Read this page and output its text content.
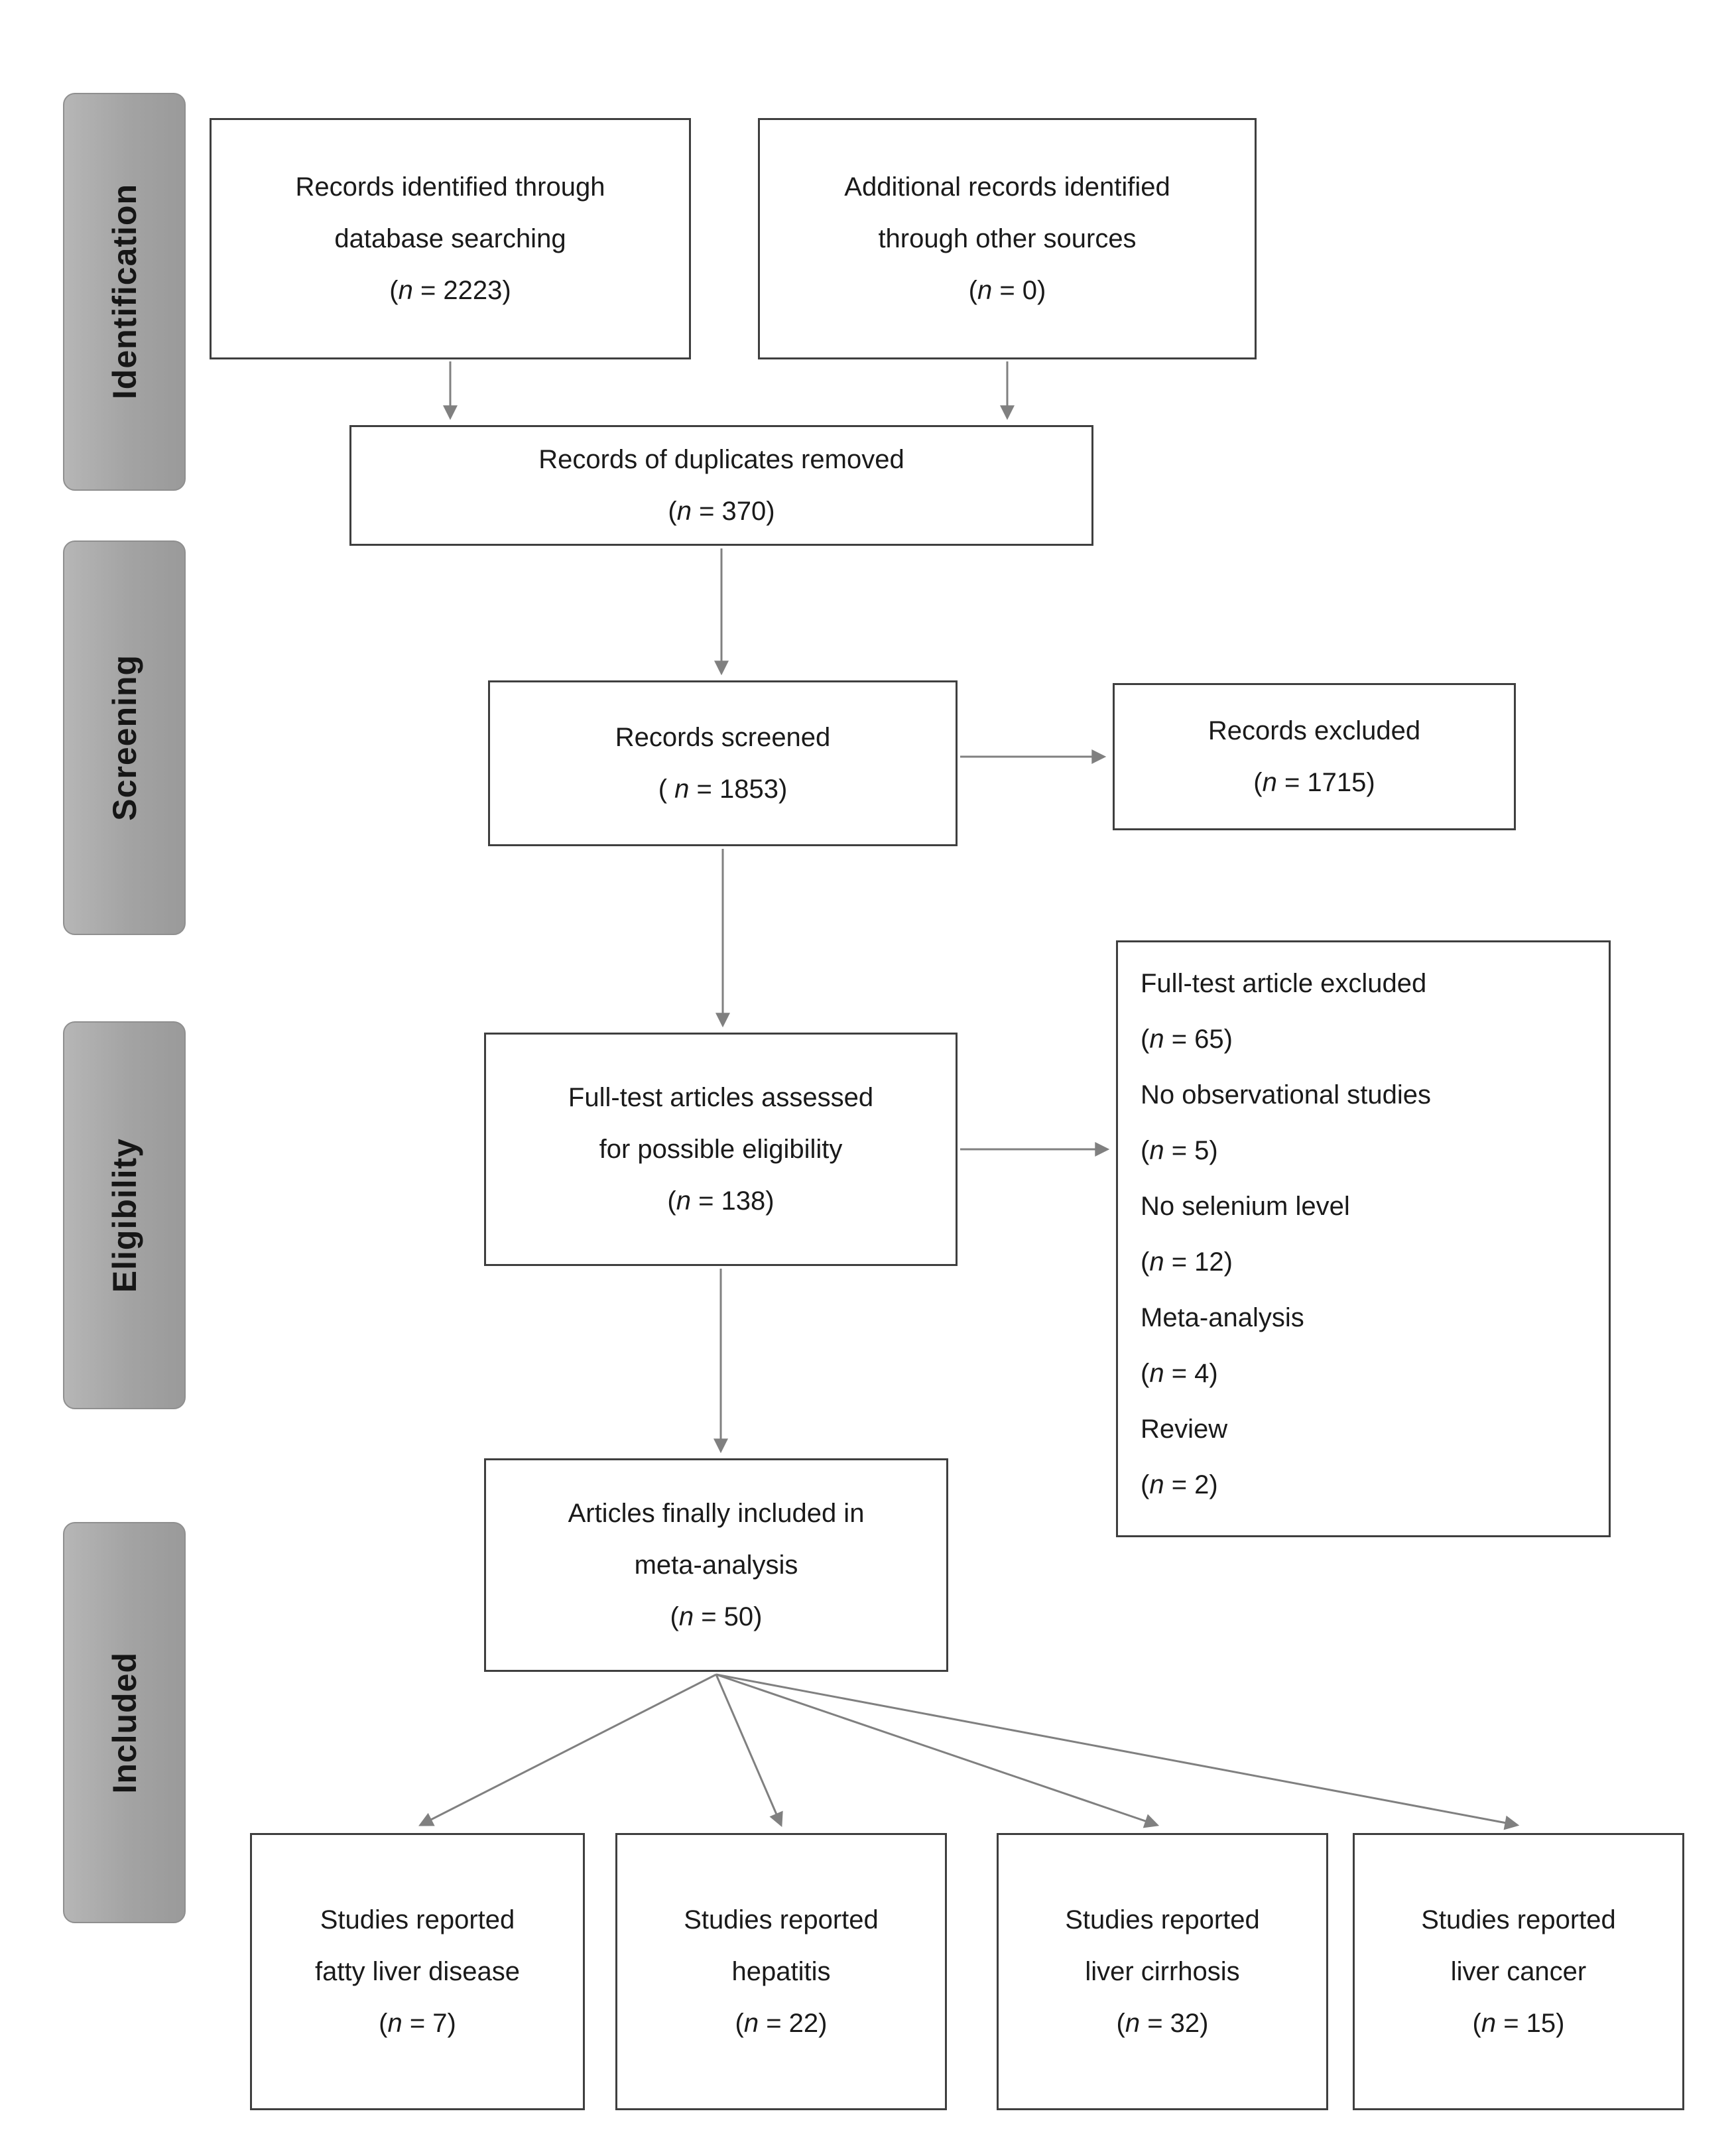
Identification
Screening
Eligibility
Included
Records identified through
database searching
(n = 2223)
Additional records identified
through other sources
(n = 0)
Records of duplicates removed
(n = 370)
Records screened
( n = 1853)
Records excluded
(n = 1715)
Full-test articles assessed
for possible eligibility
(n = 138)
Full-test article excluded
(n = 65)
No observational studies
(n = 5)
No selenium level
(n = 12)
Meta-analysis
(n = 4)
Review
(n = 2)
Articles finally included in
meta-analysis
(n = 50)
Studies reported
fatty liver disease
(n = 7)
Studies reported
hepatitis
(n = 22)
Studies reported
liver cirrhosis
(n = 32)
Studies reported
liver cancer
(n = 15)
